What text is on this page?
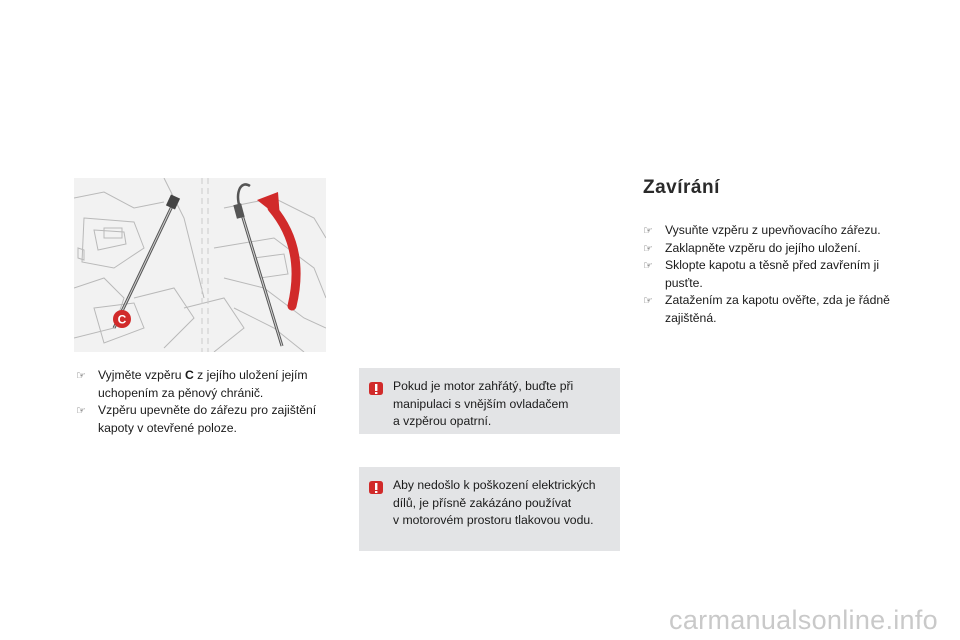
C
☞ Vyjměte vzpěru C z jejího uložení jejím uchopením za pěnový chránič.
☞ Vzpěru upevněte do zářezu pro zajištění kapoty v otevřené poloze.

Pokud je motor zahřátý, buďte při
manipulaci s vnějším ovladačem
a vzpěrou opatrní.

Aby nedošlo k poškození elektrických
dílů, je přísně zakázáno používat
v motorovém prostoru tlakovou vodu.

Zavírání
☞ Vysuňte vzpěru z upevňovacího zářezu.
☞ Zaklapněte vzpěru do jejího uložení.
☞ Sklopte kapotu a těsně před zavřením ji pusťte.
☞ Zatažením za kapotu ověřte, zda je řádně zajištěná.
carmanualsonline.info
